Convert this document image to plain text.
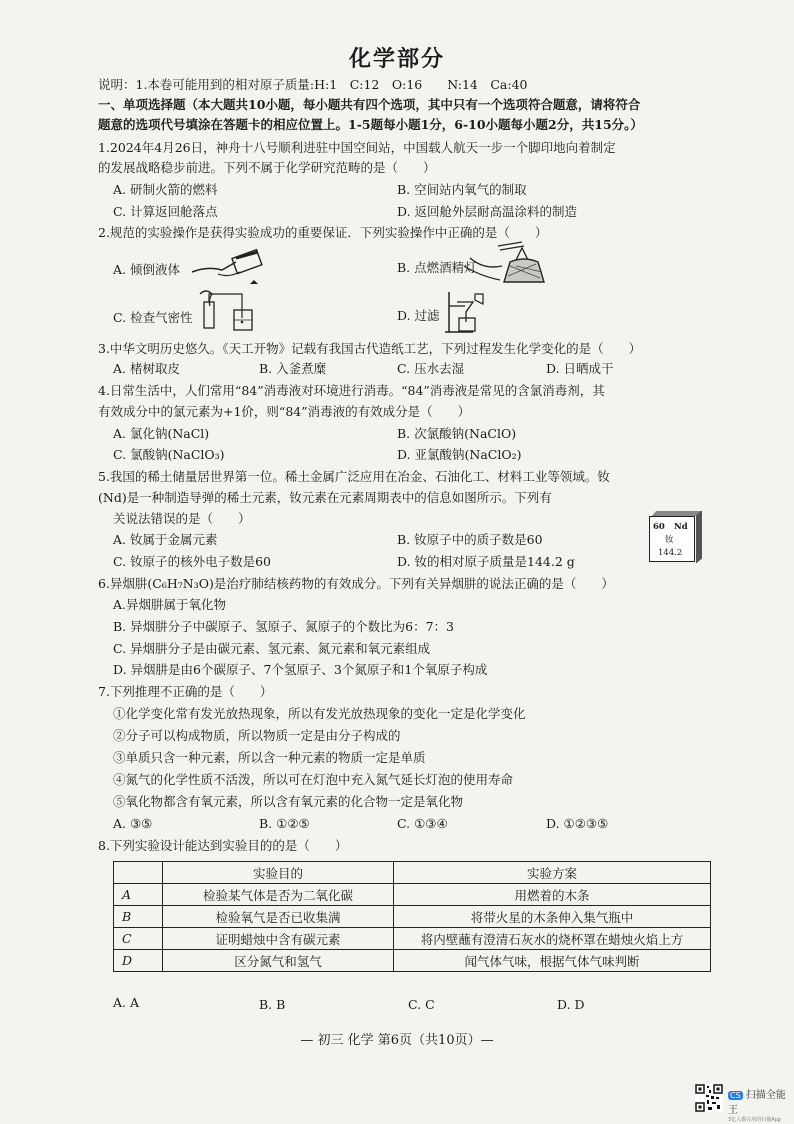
化学部分
说明：1.本卷可能用到的相对原子质量:H:1　C:12　O:16　　N:14　Ca:40
一、单项选择题（本大题共10小题，每小题共有四个选项，其中只有一个选项符合题意，请将符合
题意的选项代号填涂在答题卡的相应位置上。1-5题每小题1分，6-10小题每小题2分，共15分。）
1.2024年4月26日，神舟十八号顺利进驻中国空间站，中国载人航天一步一个脚印地向着制定
的发展战略稳步前进。下列不属于化学研究范畴的是（　　）
A. 研制火箭的燃料	B. 空间站内氧气的制取
C. 计算返回舱落点	D. 返回舱外层耐高温涂料的制造
2.规范的实验操作是获得实验成功的重要保证．下列实验操作中正确的是（　　）
A. 倾倒液体	B. 点燃酒精灯
C. 检查气密性	D. 过滤
3.中华文明历史悠久。《天工开物》记载有我国古代造纸工艺，下列过程发生化学变化的是（　　）
A. 楮树取皮	B. 入釜煮糜	C. 压水去湿	D. 日晒成干
4.日常生活中，人们常用“84”消毒液对环境进行消毒。“84”消毒液是常见的含氯消毒剂，其
有效成分中的氯元素为+1价，则“84”消毒液的有效成分是（　　）
A. 氯化钠(NaCl)	B. 次氯酸钠(NaClO)
C. 氯酸钠(NaClO₃)	D. 亚氯酸钠(NaClO₂)
5.我国的稀土储量居世界第一位。稀土金属广泛应用在冶金、石油化工、材料工业等领域。钕
(Nd)是一种制造导弹的稀土元素，钕元素在元素周期表中的信息如图所示。下列有
关说法错误的是（　　）
A. 钕属于金属元素	B. 钕原子中的质子数是60
C. 钕原子的核外电子数是60	D. 钕的相对原子质量是144.2 g
60 Nd
钕
144.2
6.异烟肼(C₆H₇N₃O)是治疗肺结核药物的有效成分。下列有关异烟肼的说法正确的是（　　）
A.异烟肼属于氧化物
B. 异烟肼分子中碳原子、氢原子、氮原子的个数比为6：7：3
C. 异烟肼分子是由碳元素、氢元素、氮元素和氧元素组成
D. 异烟肼是由6个碳原子、7个氢原子、3个氮原子和1个氧原子构成
7.下列推理不正确的是（　　）
①化学变化常有发光放热现象，所以有发光放热现象的变化一定是化学变化
②分子可以构成物质，所以物质一定是由分子构成的
③单质只含一种元素，所以含一种元素的物质一定是单质
④氮气的化学性质不活泼，所以可在灯泡中充入氮气延长灯泡的使用寿命
⑤氧化物都含有氧元素，所以含有氧元素的化合物一定是氧化物
A. ③⑤	B. ①②⑤	C. ①③④	D. ①②③⑤
8.下列实验设计能达到实验目的的是（　　）
	实验目的	实验方案
A	检验某气体是否为二氧化碳	用燃着的木条
B	检验氧气是否已收集满	将带火星的木条伸入集气瓶中
C	证明蜡烛中含有碳元素	将内壁蘸有澄清石灰水的烧杯罩在蜡烛火焰上方
D	区分氮气和氢气	闻气体气味，根据气体气味判断
A. A	B. B	C. C	D. D
— 初三 化学 第6页（共10页）—
CS 扫描全能王
3亿人都在用的扫描App
